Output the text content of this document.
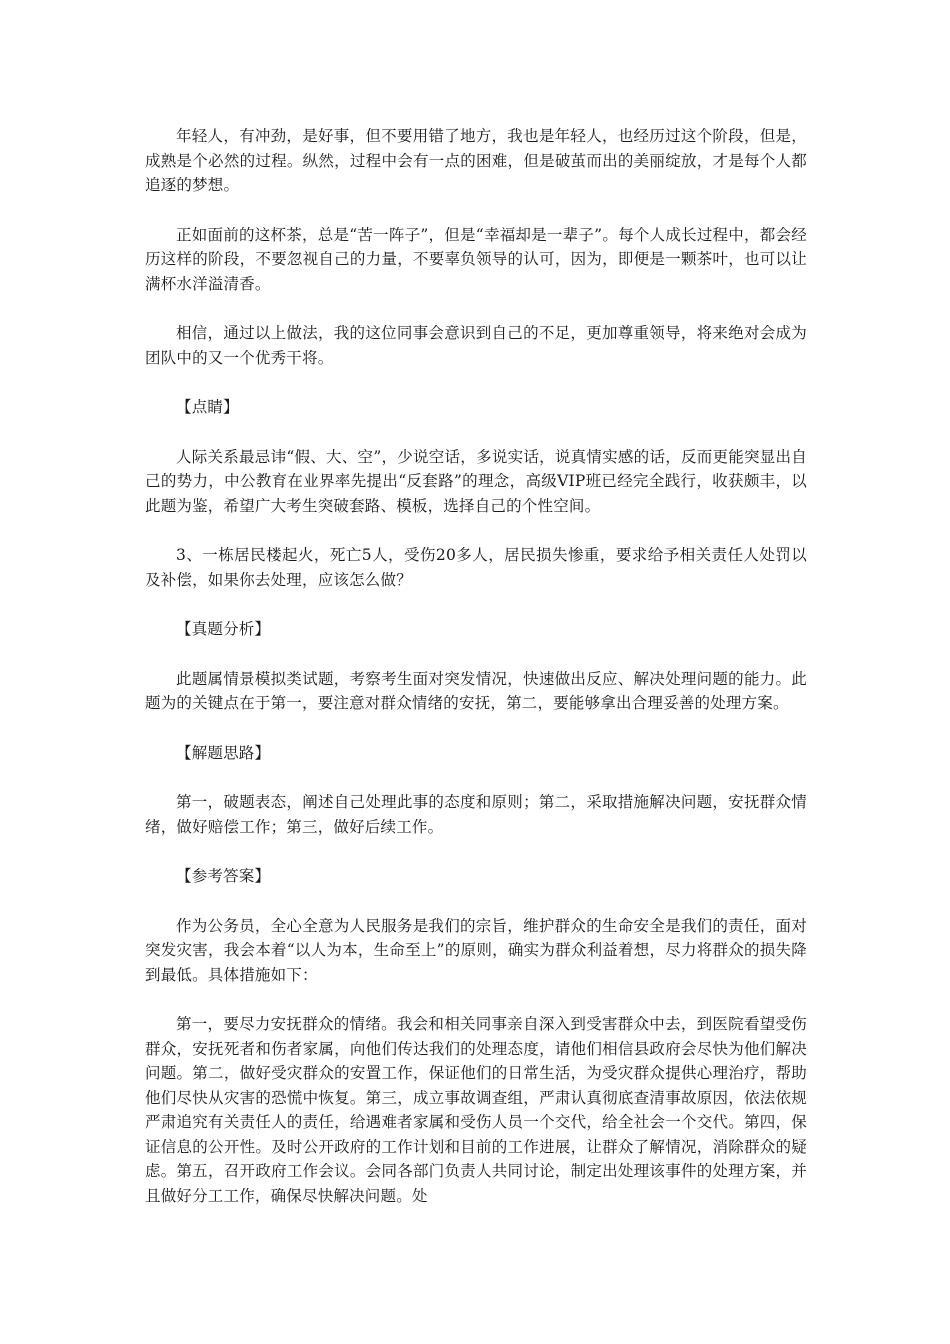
年轻人，有冲劲，是好事，但不要用错了地方，我也是年轻人，也经历过这个阶段，但是，成熟是个必然的过程。纵然，过程中会有一点的困难，但是破茧而出的美丽绽放，才是每个人都追逐的梦想。

正如面前的这杯茶，总是“苦一阵子”，但是“幸福却是一辈子”。每个人成长过程中，都会经历这样的阶段，不要忽视自己的力量，不要辜负领导的认可，因为，即便是一颗茶叶，也可以让满杯水洋溢清香。

相信，通过以上做法，我的这位同事会意识到自己的不足，更加尊重领导，将来绝对会成为团队中的又一个优秀干将。

【点睛】

人际关系最忌讳“假、大、空”，少说空话，多说实话，说真情实感的话，反而更能突显出自己的势力，中公教育在业界率先提出“反套路”的理念，高级VIP班已经完全践行，收获颇丰，以此题为鉴，希望广大考生突破套路、模板，选择自己的个性空间。

3、一栋居民楼起火，死亡5人，受伤20多人，居民损失惨重，要求给予相关责任人处罚以及补偿，如果你去处理，应该怎么做？

【真题分析】

此题属情景模拟类试题，考察考生面对突发情况，快速做出反应、解决处理问题的能力。此题为的关键点在于第一，要注意对群众情绪的安抚，第二，要能够拿出合理妥善的处理方案。

【解题思路】

第一，破题表态，阐述自己处理此事的态度和原则；第二，采取措施解决问题，安抚群众情绪，做好赔偿工作；第三，做好后续工作。

【参考答案】

作为公务员，全心全意为人民服务是我们的宗旨，维护群众的生命安全是我们的责任，面对突发灾害，我会本着“以人为本，生命至上”的原则，确实为群众利益着想，尽力将群众的损失降到最低。具体措施如下：

第一，要尽力安抚群众的情绪。我会和相关同事亲自深入到受害群众中去，到医院看望受伤群众，安抚死者和伤者家属，向他们传达我们的处理态度，请他们相信县政府会尽快为他们解决问题。第二，做好受灾群众的安置工作，保证他们的日常生活，为受灾群众提供心理治疗，帮助他们尽快从灾害的恐慌中恢复。第三，成立事故调查组，严肃认真彻底查清事故原因，依法依规严肃追究有关责任人的责任，给遇难者家属和受伤人员一个交代，给全社会一个交代。第四，保证信息的公开性。及时公开政府的工作计划和目前的工作进展，让群众了解情况，消除群众的疑虑。第五，召开政府工作会议。会同各部门负责人共同讨论，制定出处理该事件的处理方案，并且做好分工工作，确保尽快解决问题。处
